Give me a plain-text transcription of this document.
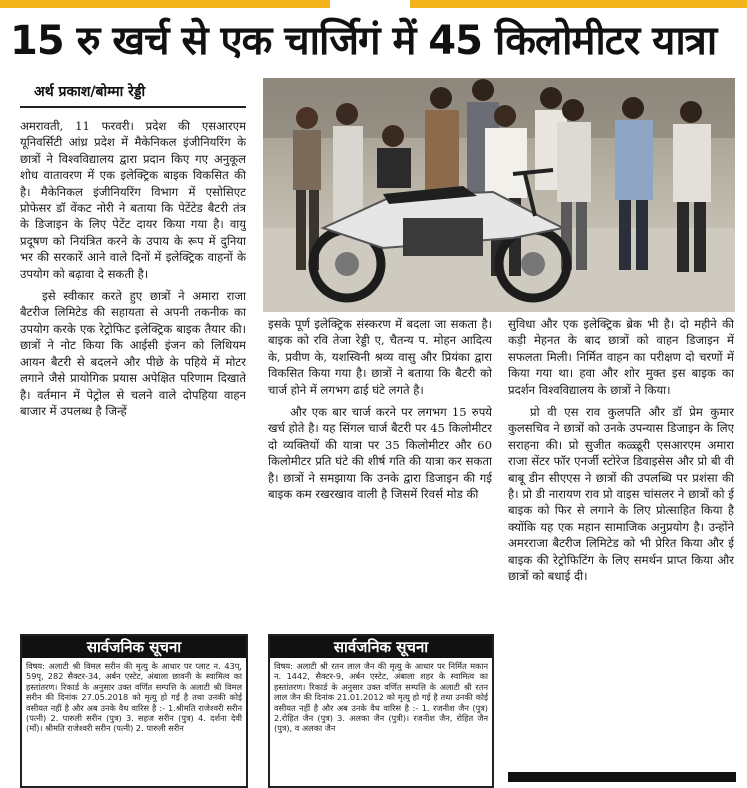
15 रु खर्च से एक चार्जिगं में 45 किलोमीटर यात्रा
अर्थ प्रकाश/बोम्मा रेड्डी

अमरावती, 11 फरवरी। प्रदेश की एसआरएम यूनिवर्सिटी आंध्र प्रदेश में मैकेनिकल इंजीनियरिंग के छात्रों ने विश्वविद्यालय द्वारा प्रदान किए गए अनुकूल शोध वातावरण में एक इलेक्ट्रिक बाइक विकसित की है। मैकेनिकल इंजीनियरिंग विभाग में एसोसिएट प्रोफेसर डॉ वेंकट नोरी ने बताया कि पेटेंटेड बैटरी तंत्र के डिजाइन के लिए पेटेंट दायर किया गया है। वायु प्रदूषण को नियंत्रित करने के उपाय के रूप में दुनिया भर की सरकारें आने वाले दिनों में इलेक्ट्रिक वाहनों के उपयोग को बढ़ावा दे सकती है।

इसे स्वीकार करते हुए छात्रों ने अमारा राजा बैटरीज लिमिटेड की सहायता से अपनी तकनीक का उपयोग करके एक रेट्रोफिट इलेक्ट्रिक बाइक तैयार की। छात्रों ने नोट किया कि आईसी इंजन को लिथियम आयन बैटरी से बदलने और पीछे के पहिये में मोटर लगाने जैसे प्रायोगिक प्रयास अपेक्षित परिणाम दिखाते है। वर्तमान में पेट्रोल से चलने वाले दोपहिया वाहन बाजार में उपलब्ध है जिन्हें

इसके पूर्ण इलेक्ट्रिक संस्करण में बदला जा सकता है। बाइक को रवि तेजा रेड्डी ए, चैतन्य प. मोहन आदित्य के, प्रवीण के, यशस्विनी श्रव्य वासु और प्रियंका द्वारा विकसित किया गया है। छात्रों ने बताया कि बैटरी को चार्ज होने में लगभग ढाई घंटे लगते है।

और एक बार चार्ज करने पर लगभग 15 रुपये खर्च होते है। यह सिंगल चार्ज बैटरी पर 45 किलोमीटर दो व्यक्तियों की यात्रा पर 35 किलोमीटर और 60 किलोमीटर प्रति घंटे की शीर्ष गति की यात्रा कर सकता है। छात्रों ने समझाया कि उनके द्वारा डिजाइन की गई बाइक कम रखरखाव वाली है जिसमें रिवर्स मोड की

सुविधा और एक इलेक्ट्रिक ब्रेक भी है। दो महीने की कड़ी मेहनत के बाद छात्रों को वाहन डिजाइन में सफलता मिली। निर्मित वाहन का परीक्षण दो चरणों में किया गया था। हवा और शोर मुक्त इस बाइक का प्रदर्शन विश्वविद्यालय के छात्रों ने किया।

प्रो वी एस राव कुलपति और डॉ प्रेम कुमार कुलसचिव ने छात्रों को उनके उपन्यास डिजाइन के लिए सराहना की। प्रो सुजीत कळ्ळूरी एसआरएम अमारा राजा सेंटर फॉर एनर्जी स्टोरेज डिवाइसेस और प्रो बी वी बाबू डीन सीएएस ने छात्रों की उपलब्धि पर प्रशंसा की है। प्रो डी नारायण राव प्रो वाइस चांसलर ने छात्रों को ई बाइक को फिर से लगाने के लिए प्रोत्साहित किया है क्योंकि यह एक महान सामाजिक अनुप्रयोग है। उन्होंने अमरराजा बैटरीज लिमिटेड को भी प्रेरित किया और ई बाइक की रेट्रोफिटिंग के लिए समर्थन प्राप्त किया और छात्रों को बधाई दी।

सार्वजनिक सूचना
विषय: अलाटी श्री विमल सरीन की मृत्यु के आधार पर प्लाट न. 43प्, 59पृ, 282 सैक्टर-34, अर्बन एस्टेट, अंबाला छावनी के स्वामित्व का हस्तांतरण। रिकार्ड के अनुसार उक्त वर्णित सम्पत्ति के अलाटी श्री विमल सरीन की दिनांक 27.05.2018 को मृत्यु हो गई है तथा उनकी कोई वसीयत नहीं है और अब उनके वैध वारिस है :- 1.श्रीमति राजेश्वरी सरीन (पत्नी) 2. पारुली सरीन (पुत्र) 3. सहज सरीन (पुत्र) 4. दर्शना देवी (माँ)। श्रीमति राजेश्वरी सरीन (पत्नी) 2. पारुली सरीन
सार्वजनिक सूचना
विषय: अलाटी श्री रतन लाल जैन की मृत्यु के आधार पर निर्मित मकान न. 1442, सैक्टर-9, अर्बन एस्टेट, अंबाला शहर के स्वामित्व का हस्तांतरण। रिकार्ड के अनुसार उक्त वर्णित सम्पत्ति के अलाटी श्री रतन लाल जैन की दिनांक 21.01.2012 को मृत्यु हो गई है तथा उनकी कोई वसीयत नहीं है और अब उनके वैध वारिस है :- 1. रजनीश जैन (पुत्र) 2.रोहित जैन (पुत्र) 3. अलका जैन (पुत्री)। रजनीश जैन, रोहित जैन (पुत्र), व अलका जैन
